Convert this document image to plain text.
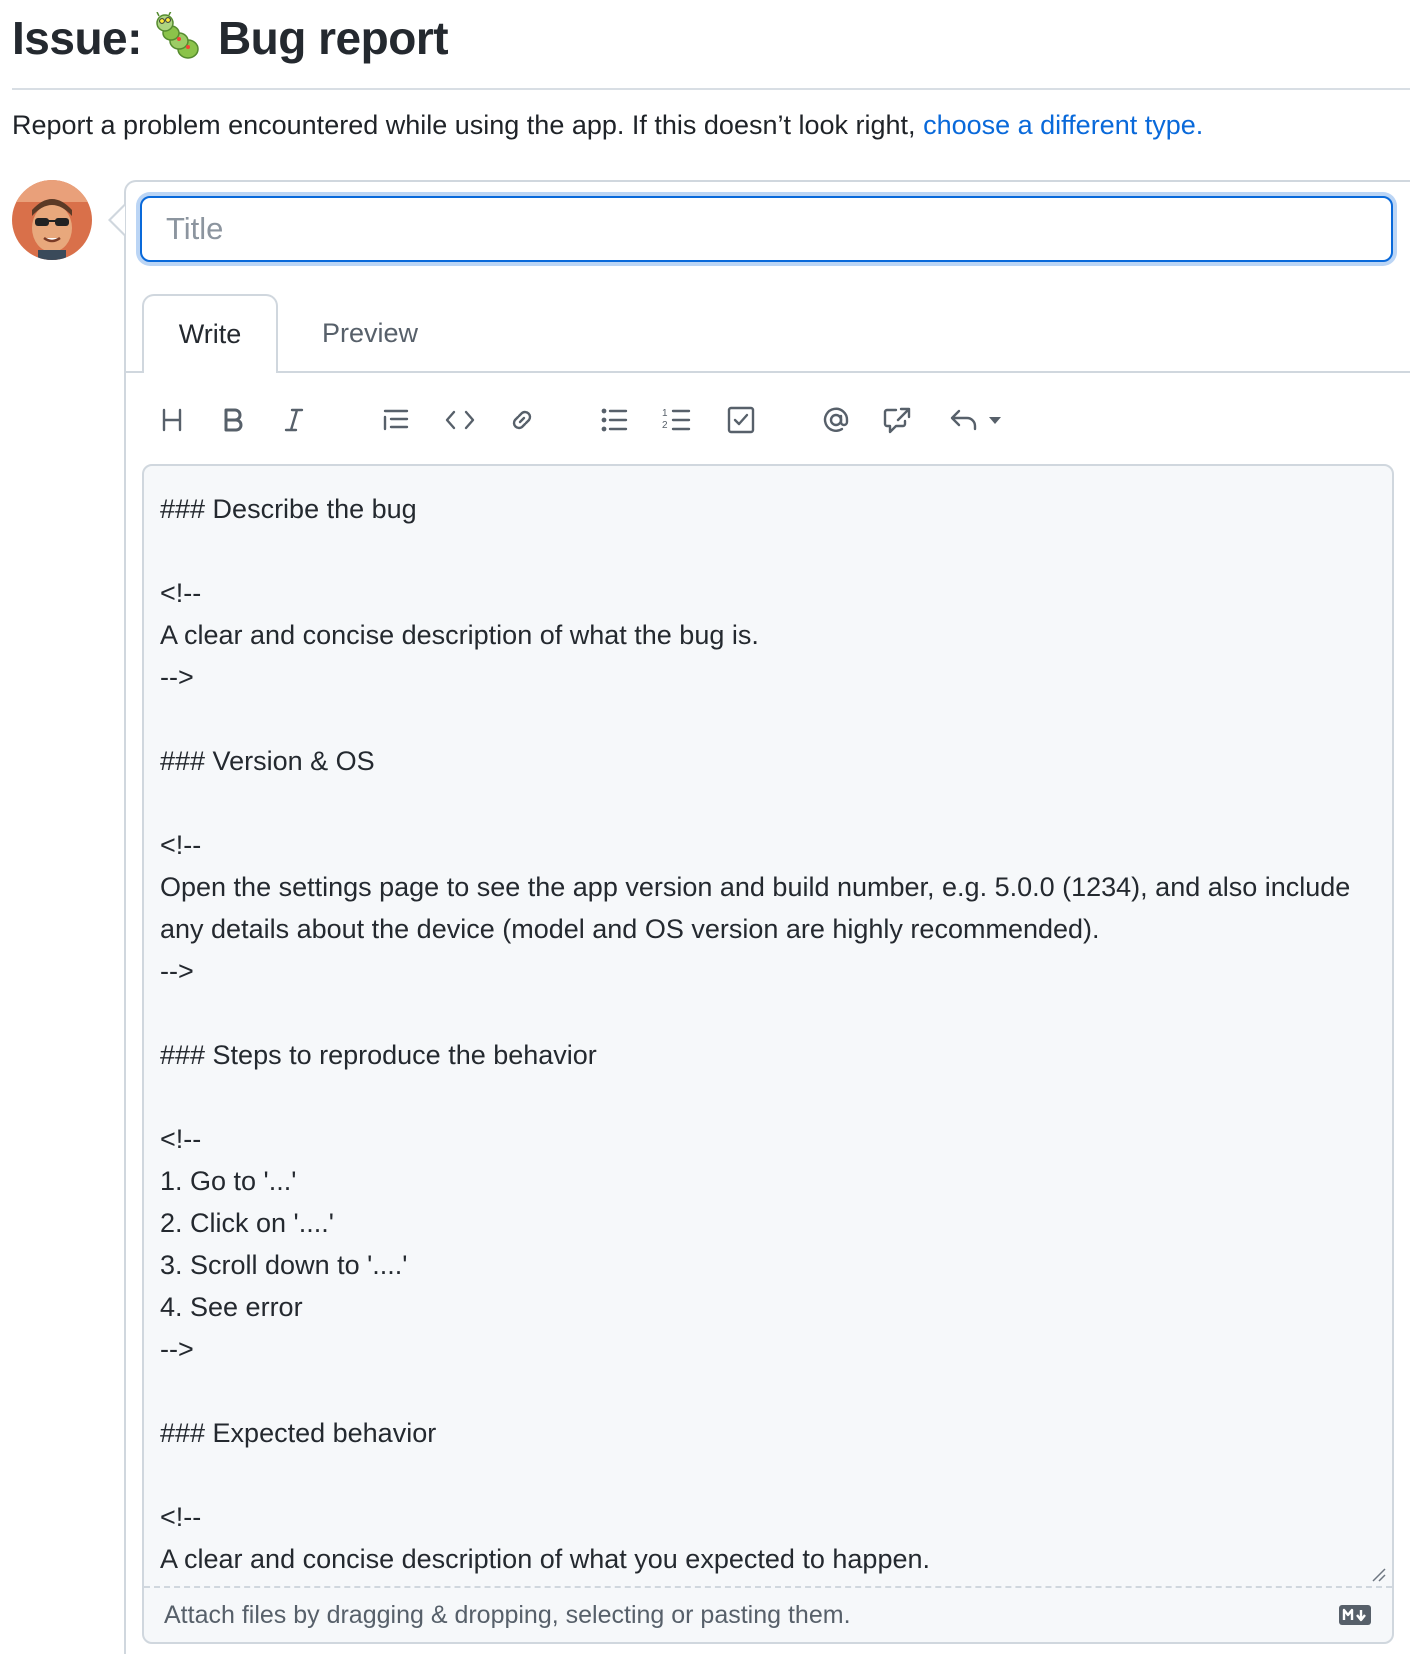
Issue: Bug report
Report a problem encountered while using the app. If this doesn’t look right, choose a different type.
Title
Write	Preview
1
2
### Describe the bug

<!--
A clear and concise description of what the bug is.
-->

### Version & OS

<!--
Open the settings page to see the app version and build number, e.g. 5.0.0 (1234), and also include any details about the device (model and OS version are highly recommended).
-->

### Steps to reproduce the behavior

<!--
1. Go to '...'
2. Click on '....'
3. Scroll down to '....'
4. See error
-->

### Expected behavior

<!--
A clear and concise description of what you expected to happen.

Attach files by dragging & dropping, selecting or pasting them.
